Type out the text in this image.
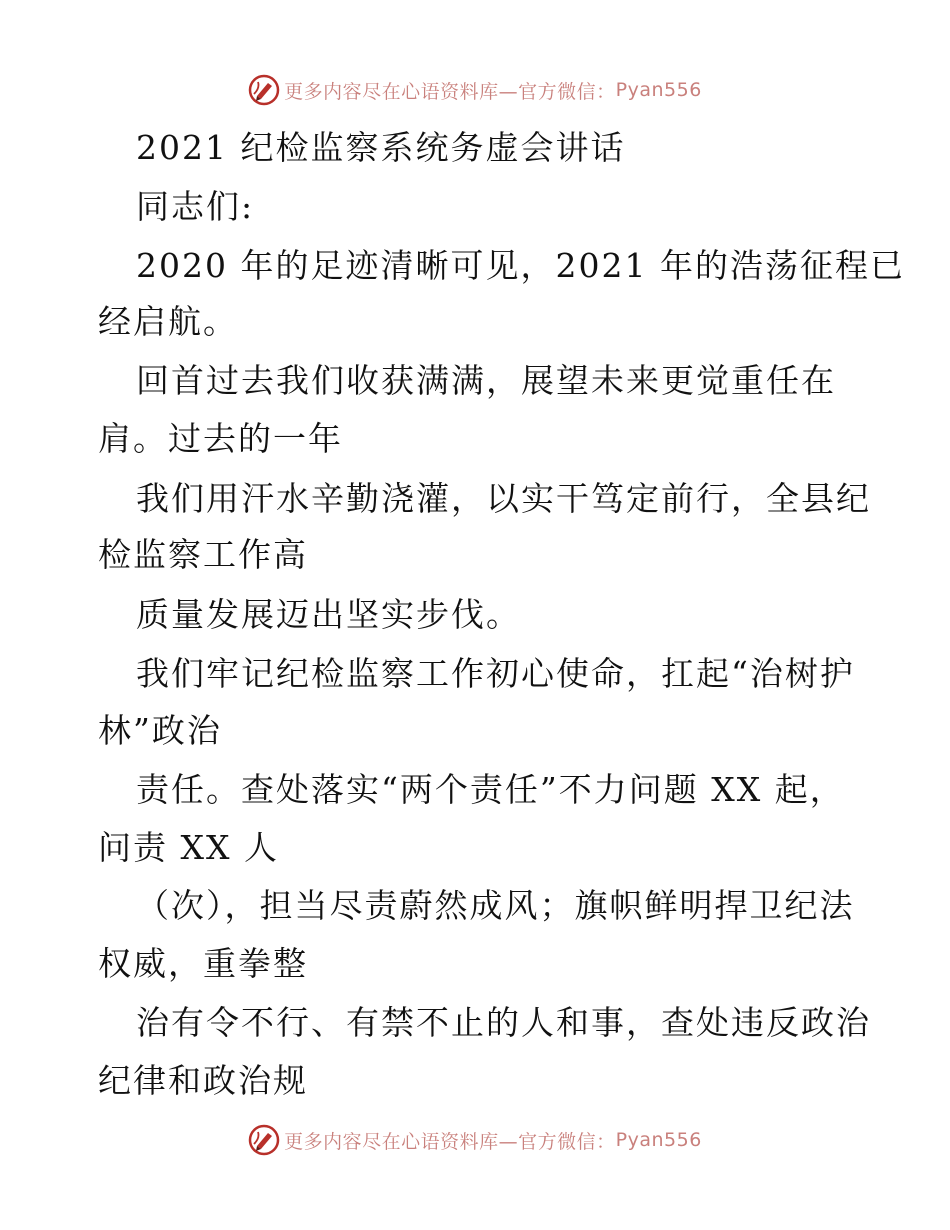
更多内容尽在心语资料库—官方微信： Pyan556
2021 纪检监察系统务虚会讲话
同志们:
2020 年的足迹清晰可见，2021 年的浩荡征程已
经启航。
回首过去我们收获满满，展望未来更觉重任在
肩。过去的一年
我们用汗水辛勤浇灌，以实干笃定前行，全县纪
检监察工作高
质量发展迈出坚实步伐。
我们牢记纪检监察工作初心使命，扛起“治树护
林”政治
责任。查处落实“两个责任”不力问题 XX 起，
问责 XX 人
（次），担当尽责蔚然成风；旗帜鲜明捍卫纪法
权威，重拳整
治有令不行、有禁不止的人和事，查处违反政治
纪律和政治规
更多内容尽在心语资料库—官方微信： Pyan556
